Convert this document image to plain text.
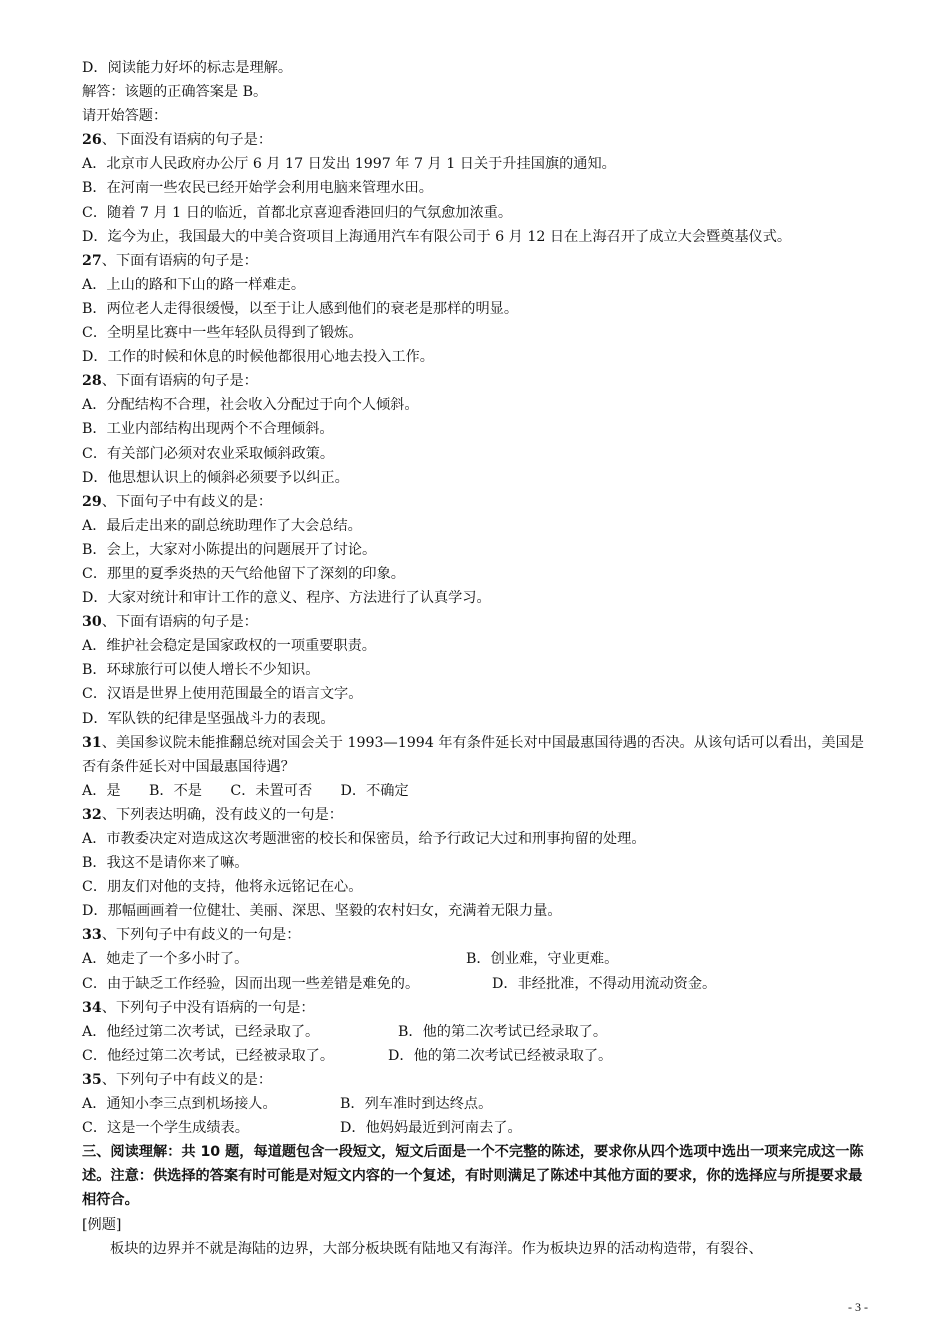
D．阅读能力好坏的标志是理解。
解答：该题的正确答案是 B。
请开始答题：
26、下面没有语病的句子是：
A．北京市人民政府办公厅 6 月 17 日发出 1997 年 7 月 1 日关于升挂国旗的通知。
B．在河南一些农民已经开始学会利用电脑来管理水田。
C．随着 7 月 1 日的临近，首都北京喜迎香港回归的气氛愈加浓重。
D．迄今为止，我国最大的中美合资项目上海通用汽车有限公司于 6 月 12 日在上海召开了成立大会暨奠基仪式。
27、下面有语病的句子是：
A．上山的路和下山的路一样难走。
B．两位老人走得很缓慢，以至于让人感到他们的衰老是那样的明显。
C．全明星比赛中一些年轻队员得到了锻炼。
D．工作的时候和休息的时候他都很用心地去投入工作。
28、下面有语病的句子是：
A．分配结构不合理，社会收入分配过于向个人倾斜。
B．工业内部结构出现两个不合理倾斜。
C．有关部门必须对农业采取倾斜政策。
D．他思想认识上的倾斜必须要予以纠正。
29、下面句子中有歧义的是：
A．最后走出来的副总统助理作了大会总结。
B．会上，大家对小陈提出的问题展开了讨论。
C．那里的夏季炎热的天气给他留下了深刻的印象。
D．大家对统计和审计工作的意义、程序、方法进行了认真学习。
30、下面有语病的句子是：
A．维护社会稳定是国家政权的一项重要职责。
B．环球旅行可以使人增长不少知识。
C．汉语是世界上使用范围最全的语言文字。
D．军队铁的纪律是坚强战斗力的表现。
31、美国参议院未能推翻总统对国会关于 1993—1994 年有条件延长对中国最惠国待遇的否决。从该句话可以看出，美国是否有条件延长对中国最惠国待遇？
A．是　　B．不是　　C．未置可否　　D．不确定
32、下列表达明确，没有歧义的一句是：
A．市教委决定对造成这次考题泄密的校长和保密员，给予行政记大过和刑事拘留的处理。
B．我这不是请你来了嘛。
C．朋友们对他的支持，他将永远铭记在心。
D．那幅画画着一位健壮、美丽、深思、坚毅的农村妇女，充满着无限力量。
33、下列句子中有歧义的一句是：
A．她走了一个多小时了。	B．创业难，守业更难。
C．由于缺乏工作经验，因而出现一些差错是难免的。	D．非经批准，不得动用流动资金。
34、下列句子中没有语病的一句是：
A．他经过第二次考试，已经录取了。	B．他的第二次考试已经录取了。
C．他经过第二次考试，已经被录取了。	D．他的第二次考试已经被录取了。
35、下列句子中有歧义的是：
A．通知小李三点到机场接人。	B．列车准时到达终点。
C．这是一个学生成绩表。	D．他妈妈最近到河南去了。
三、阅读理解：共 10 题，每道题包含一段短文，短文后面是一个不完整的陈述，要求你从四个选项中选出一项来完成这一陈述。注意：供选择的答案有时可能是对短文内容的一个复述，有时则满足了陈述中其他方面的要求，你的选择应与所提要求最相符合。
[例题]
板块的边界并不就是海陆的边界，大部分板块既有陆地又有海洋。作为板块边界的活动构造带，有裂谷、
- 3 -
